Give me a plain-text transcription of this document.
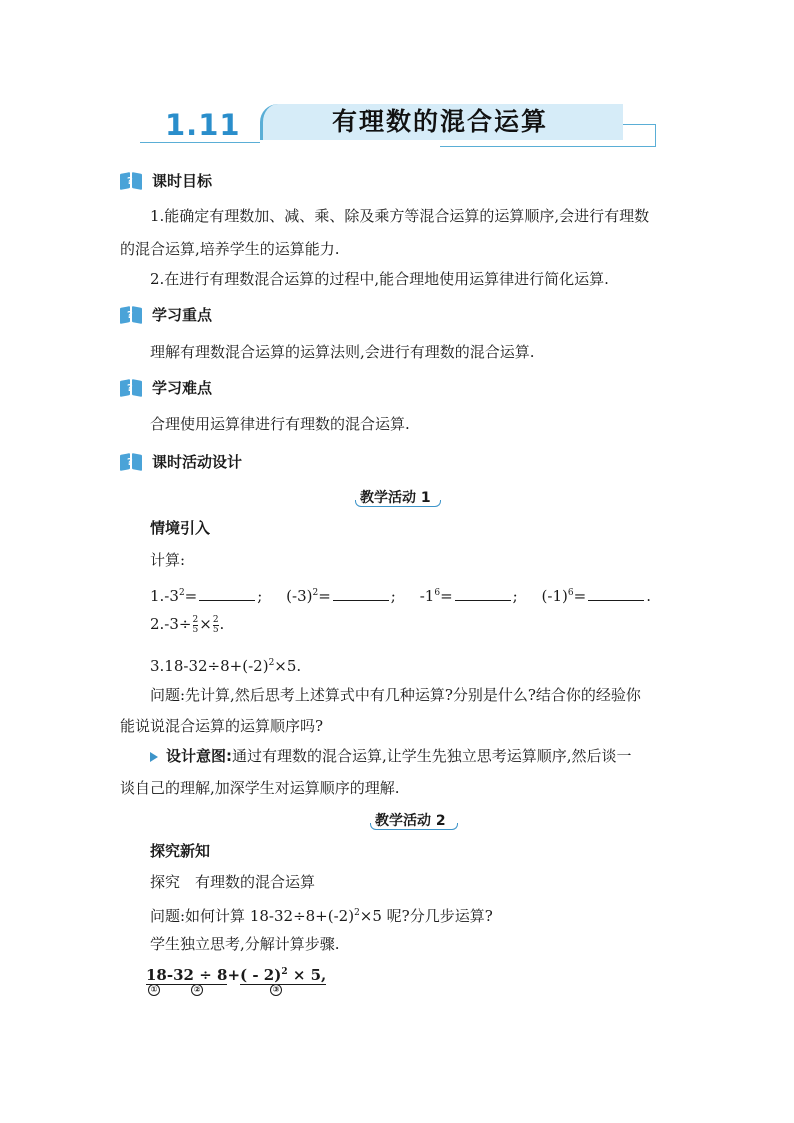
1.11	有理数的混合运算
? 课时目标
1.能确定有理数加、减、乘、除及乘方等混合运算的运算顺序,会进行有理数
的混合运算,培养学生的运算能力.
2.在进行有理数混合运算的过程中,能合理地使用运算律进行简化运算.
? 学习重点
理解有理数混合运算的运算法则,会进行有理数的混合运算.
? 学习难点
合理使用运算律进行有理数的混合运算.
? 课时活动设计
教学活动 1
情境引入
计算:
$1.-3^2=$	;     $(-3)^2=$	;     $-1^6=$	;     $(-1)^6=$	.
$2.-3\div \frac{2}{5} \times \frac{2}{5}$ .
$3.18-32\div 8+(-2)^2\times 5$.
问题:先计算,然后思考上述算式中有几种运算?分别是什么?结合你的经验你
能说说混合运算的运算顺序吗?
设计意图:通过有理数的混合运算,让学生先独立思考运算顺序,然后谈一
谈自己的理解,加深学生对运算顺序的理解.
教学活动 2
探究新知
探究　有理数的混合运算
问题:如何计算 $18-32\div 8+(-2)^2\times 5$ 呢?分几步运算?
学生独立思考,分解计算步骤.
18-
①
32 ÷ 8
②
+( - 2)$^2$ × 5,
③
